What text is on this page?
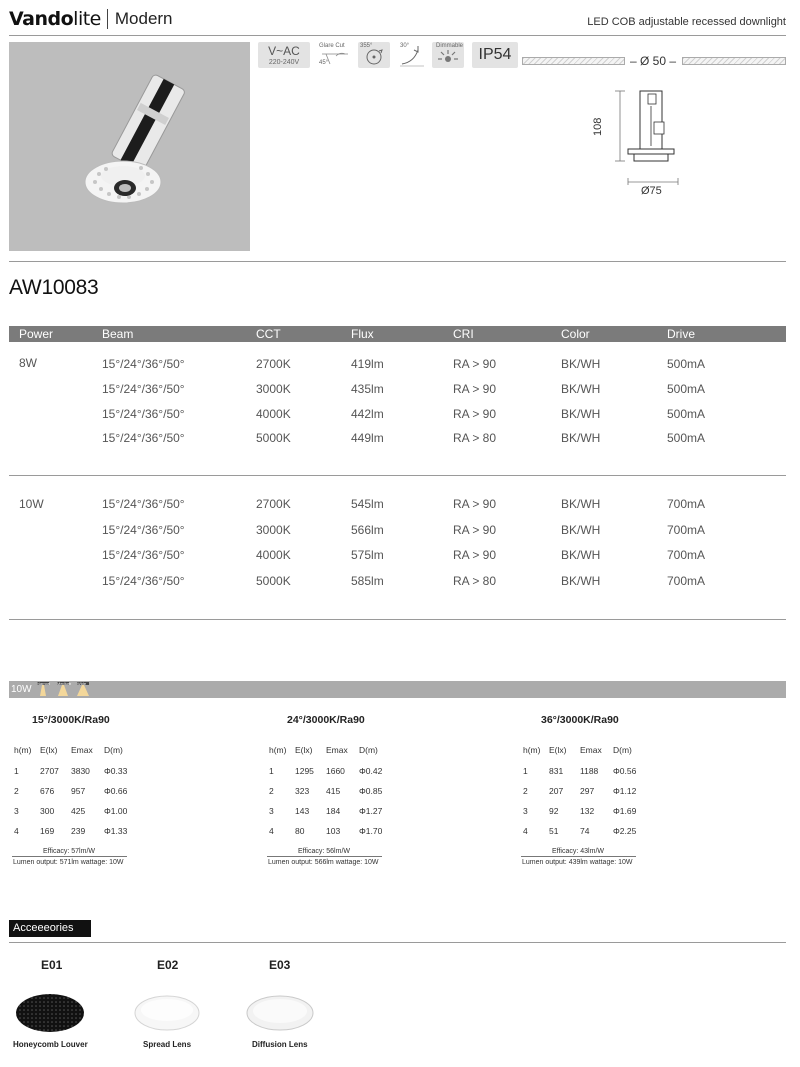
Vandolite Modern	LED COB adjustable recessed downlight
V~AC
220-240V
Glare Cut
45°
355°	30°	Dimmable IP54	– Ø 50 –
108
Ø75
AW10083
Power	Beam	CCT	Flux	CRI	Color	Drive
8W	15°/24°/36°/50°	2700K	419lm	RA > 90	BK/WH	500mA
15°/24°/36°/50°	3000K	435lm	RA > 90	BK/WH	500mA
15°/24°/36°/50°	4000K	442lm	RA > 90	BK/WH	500mA
15°/24°/36°/50°	5000K	449lm	RA > 80	BK/WH	500mA
10W	15°/24°/36°/50°	2700K	545lm	RA > 90	BK/WH	700mA
15°/24°/36°/50°	3000K	566lm	RA > 90	BK/WH	700mA
15°/24°/36°/50°	4000K	575lm	RA > 90	BK/WH	700mA
15°/24°/36°/50°	5000K	585lm	RA > 80	BK/WH	700mA
10W
Narrow Medium Wide
15°/3000K/Ra90
h(m) E(lx) Emax D(m)
1	2707 3830 Φ0.33
2	676 957 Φ0.66
3	300 425 Φ1.00
4	169 239 Φ1.33
Efficacy: 57lm/W
Lumen output: 571lm wattage: 10W
24°/3000K/Ra90
h(m) E(lx) Emax D(m)
1	1295 1660 Φ0.42
2	323 415 Φ0.85
3	143 184 Φ1.27
4	80	103 Φ1.70
Efficacy: 56lm/W
Lumen output: 566lm wattage: 10W
36°/3000K/Ra90
h(m) E(lx) Emax D(m)
1	831 1188 Φ0.56
2	207 297 Φ1.12
3	92	132 Φ1.69
4	51	74	Φ2.25
Efficacy: 43lm/W
Lumen output: 439lm wattage: 10W
Acceeeories
E01	E02	E03
Honeycomb Louver	Spread Lens	Diffusion Lens
